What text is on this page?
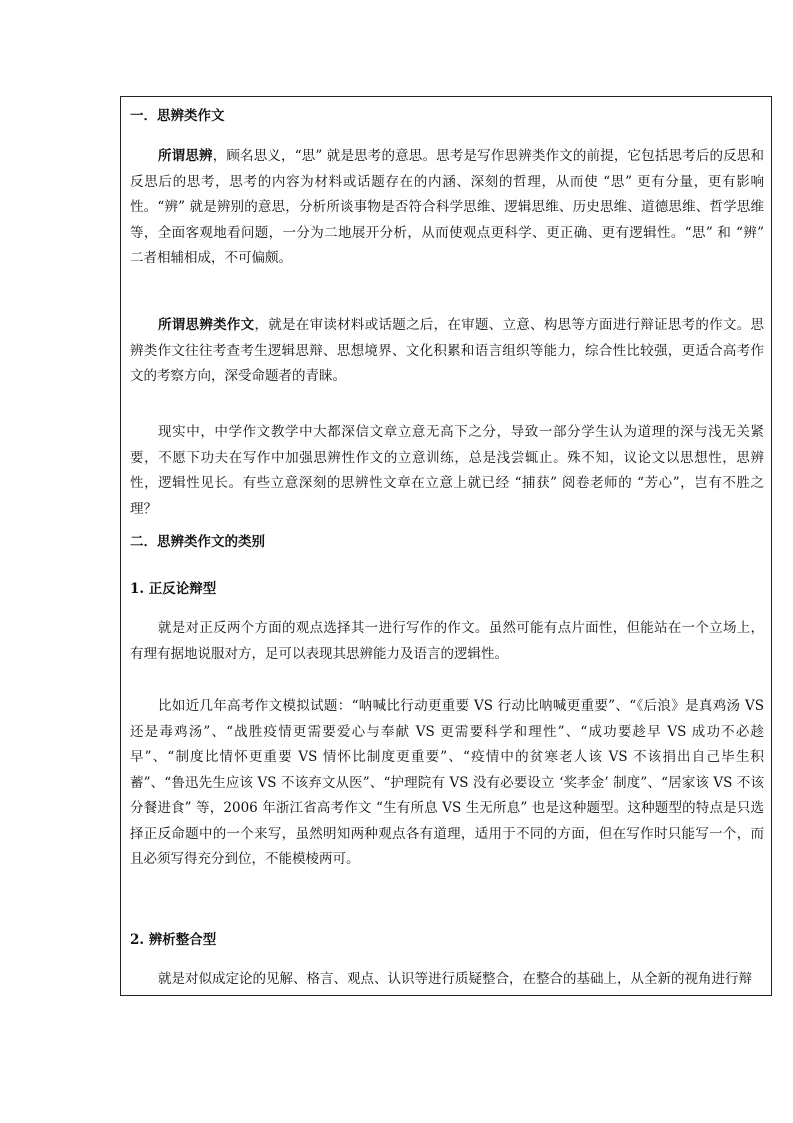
一．思辨类作文

所谓思辨，顾名思义，“思” 就是思考的意思。思考是写作思辨类作文的前提，它包括思考后的反思和反思后的思考，思考的内容为材料或话题存在的内涵、深刻的哲理，从而使 “思” 更有分量，更有影响性。“辨” 就是辨别的意思，分析所谈事物是否符合科学思维、逻辑思维、历史思维、道德思维、哲学思维等，全面客观地看问题，一分为二地展开分析，从而使观点更科学、更正确、更有逻辑性。“思” 和 “辨” 二者相辅相成，不可偏颇。

所谓思辨类作文，就是在审读材料或话题之后，在审题、立意、构思等方面进行辩证思考的作文。思辨类作文往往考查考生逻辑思辩、思想境界、文化积累和语言组织等能力，综合性比较强，更适合高考作文的考察方向，深受命题者的青睐。

现实中，中学作文教学中大都深信文章立意无高下之分，导致一部分学生认为道理的深与浅无关紧要，不愿下功夫在写作中加强思辨性作文的立意训练，总是浅尝辄止。殊不知，议论文以思想性，思辨性，逻辑性见长。有些立意深刻的思辨性文章在立意上就已经 “捕获” 阅卷老师的 “芳心”，岂有不胜之理？

二．思辨类作文的类别
1. 正反论辩型

就是对正反两个方面的观点选择其一进行写作的作文。虽然可能有点片面性，但能站在一个立场上，有理有据地说服对方，足可以表现其思辨能力及语言的逻辑性。

比如近几年高考作文模拟试题：“呐喊比行动更重要 VS 行动比呐喊更重要”、“《后浪》是真鸡汤 VS 还是毒鸡汤”、“战胜疫情更需要爱心与奉献 VS 更需要科学和理性”、“成功要趁早 VS 成功不必趁早”、“制度比情怀更重要 VS 情怀比制度更重要”、“疫情中的贫寒老人该 VS 不该捐出自己毕生积蓄”、“鲁迅先生应该 VS 不该弃文从医”、“护理院有 VS 没有必要设立 ‘奖孝金’ 制度”、“居家该 VS 不该分餐进食” 等，2006 年浙江省高考作文 “生有所息 VS 生无所息” 也是这种题型。这种题型的特点是只选择正反命题中的一个来写，虽然明知两种观点各有道理，适用于不同的方面，但在写作时只能写一个，而且必须写得充分到位，不能模棱两可。

2. 辨析整合型

就是对似成定论的见解、格言、观点、认识等进行质疑整合，在整合的基础上，从全新的视角进行辩
